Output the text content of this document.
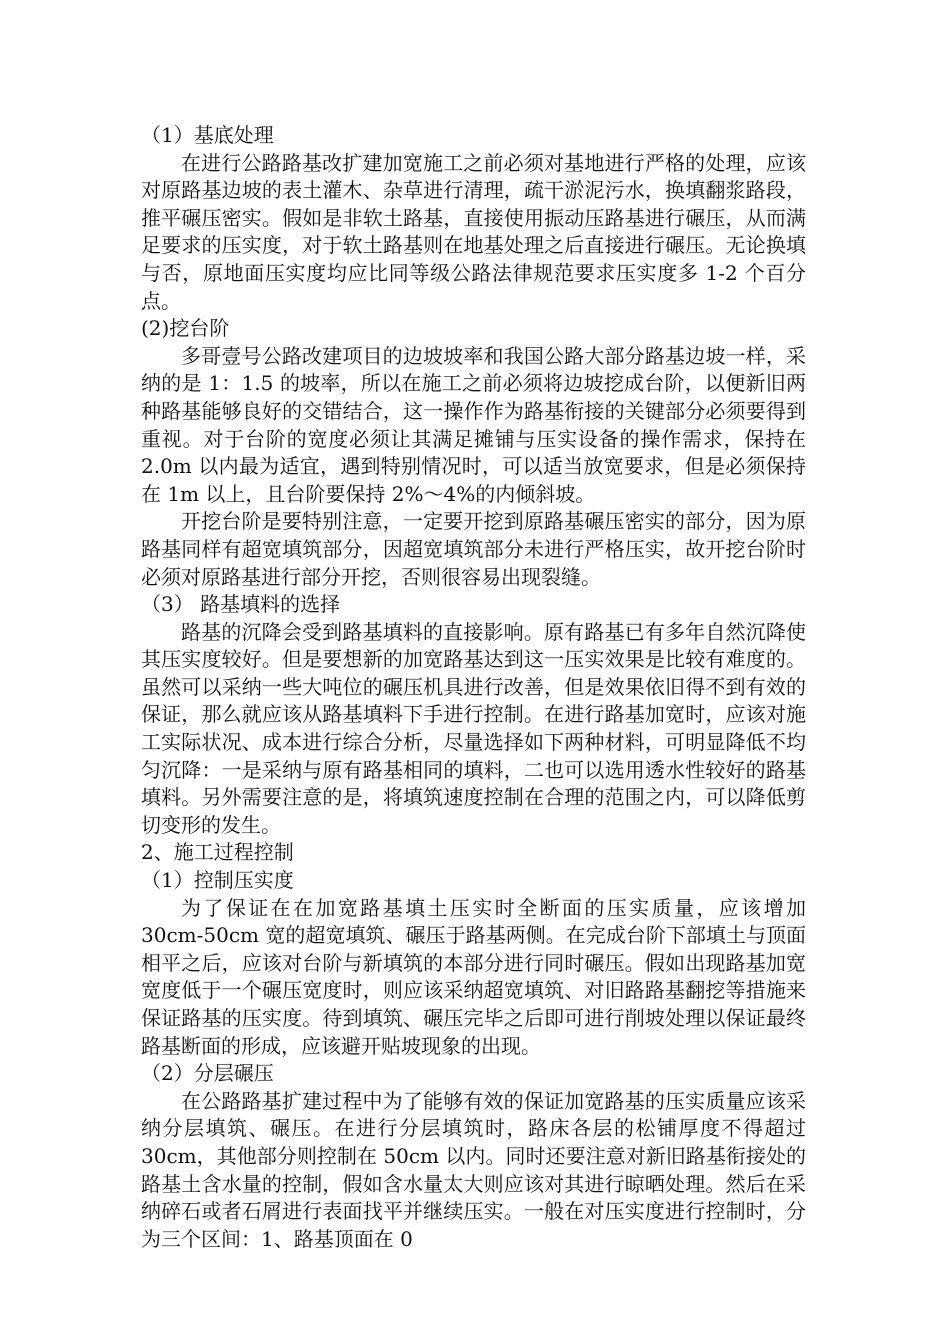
（1）基底处理

在进行公路路基改扩建加宽施工之前必须对基地进行严格的处理，应该对原路基边坡的表土灌木、杂草进行清理，疏干淤泥污水，换填翻浆路段，推平碾压密实。假如是非软土路基，直接使用振动压路基进行碾压，从而满足要求的压实度，对于软土路基则在地基处理之后直接进行碾压。无论换填与否，原地面压实度均应比同等级公路法律规范要求压实度多 1-2 个百分点。

(2)挖台阶

多哥壹号公路改建项目的边坡坡率和我国公路大部分路基边坡一样，采纳的是 1：1.5 的坡率，所以在施工之前必须将边坡挖成台阶，以便新旧两种路基能够良好的交错结合，这一操作作为路基衔接的关键部分必须要得到重视。对于台阶的宽度必须让其满足摊铺与压实设备的操作需求，保持在 2.0m 以内最为适宜，遇到特别情况时，可以适当放宽要求，但是必须保持在 1m 以上，且台阶要保持 2%～4%的内倾斜坡。

开挖台阶是要特别注意，一定要开挖到原路基碾压密实的部分，因为原路基同样有超宽填筑部分，因超宽填筑部分未进行严格压实，故开挖台阶时必须对原路基进行部分开挖，否则很容易出现裂缝。

（3） 路基填料的选择

路基的沉降会受到路基填料的直接影响。原有路基已有多年自然沉降使其压实度较好。但是要想新的加宽路基达到这一压实效果是比较有难度的。虽然可以采纳一些大吨位的碾压机具进行改善，但是效果依旧得不到有效的保证，那么就应该从路基填料下手进行控制。在进行路基加宽时，应该对施工实际状况、成本进行综合分析，尽量选择如下两种材料，可明显降低不均匀沉降：一是采纳与原有路基相同的填料，二也可以选用透水性较好的路基填料。另外需要注意的是，将填筑速度控制在合理的范围之内，可以降低剪切变形的发生。

2、施工过程控制

（1）控制压实度

为了保证在在加宽路基填土压实时全断面的压实质量，应该增加 30cm-50cm 宽的超宽填筑、碾压于路基两侧。在完成台阶下部填土与顶面相平之后，应该对台阶与新填筑的本部分进行同时碾压。假如出现路基加宽宽度低于一个碾压宽度时，则应该采纳超宽填筑、对旧路路基翻挖等措施来保证路基的压实度。待到填筑、碾压完毕之后即可进行削坡处理以保证最终路基断面的形成，应该避开贴坡现象的出现。

（2）分层碾压

在公路路基扩建过程中为了能够有效的保证加宽路基的压实质量应该采纳分层填筑、碾压。在进行分层填筑时，路床各层的松铺厚度不得超过 30cm，其他部分则控制在 50cm 以内。同时还要注意对新旧路基衔接处的路基土含水量的控制，假如含水量太大则应该对其进行晾晒处理。然后在采纳碎石或者石屑进行表面找平并继续压实。一般在对压实度进行控制时，分为三个区间：1、路基顶面在 0
